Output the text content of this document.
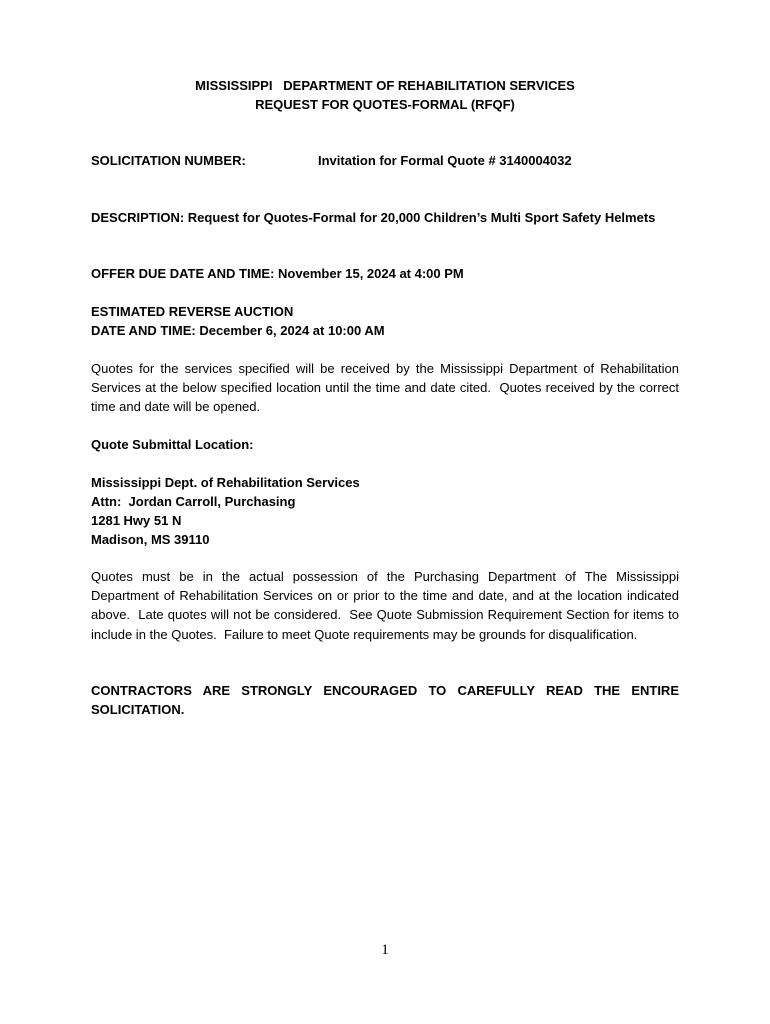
MISSISSIPPI   DEPARTMENT OF REHABILITATION SERVICES
REQUEST FOR QUOTES-FORMAL (RFQF)
SOLICITATION NUMBER:	Invitation for Formal Quote # 3140004032
DESCRIPTION: Request for Quotes-Formal for 20,000 Children’s Multi Sport Safety Helmets
OFFER DUE DATE AND TIME: November 15, 2024 at 4:00 PM
ESTIMATED REVERSE AUCTION
DATE AND TIME: December 6, 2024 at 10:00 AM
Quotes for the services specified will be received by the Mississippi Department of Rehabilitation Services at the below specified location until the time and date cited.  Quotes received by the correct time and date will be opened.
Quote Submittal Location:
Mississippi Dept. of Rehabilitation Services
Attn:  Jordan Carroll, Purchasing
1281 Hwy 51 N
Madison, MS 39110
Quotes must be in the actual possession of the Purchasing Department of The Mississippi Department of Rehabilitation Services on or prior to the time and date, and at the location indicated above.  Late quotes will not be considered.  See Quote Submission Requirement Section for items to include in the Quotes.  Failure to meet Quote requirements may be grounds for disqualification.
CONTRACTORS ARE STRONGLY ENCOURAGED TO CAREFULLY READ THE ENTIRE SOLICITATION.
1
